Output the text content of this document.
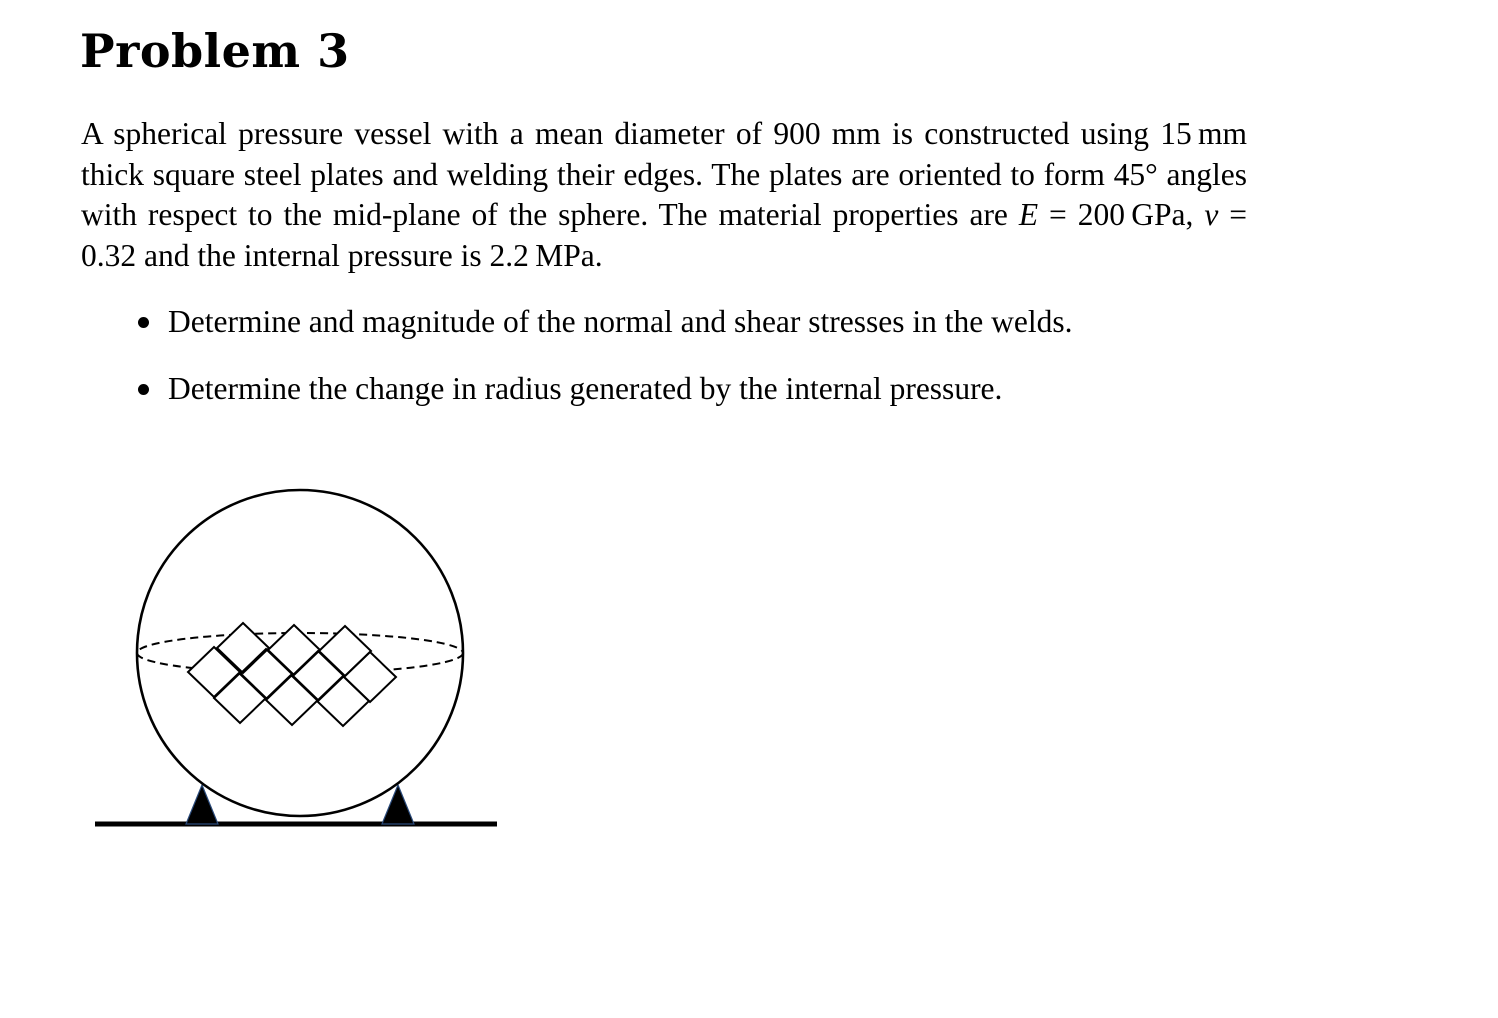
Problem 3

A spherical pressure vessel with a mean diameter of 900 mm is constructed using 15 mm thick square steel plates and welding their edges. The plates are oriented to form 45° angles with respect to the mid-plane of the sphere. The material properties are E = 200 GPa, ν = 0.32 and the internal pressure is 2.2 MPa.

Determine and magnitude of the normal and shear stresses in the welds.
Determine the change in radius generated by the internal pressure.
